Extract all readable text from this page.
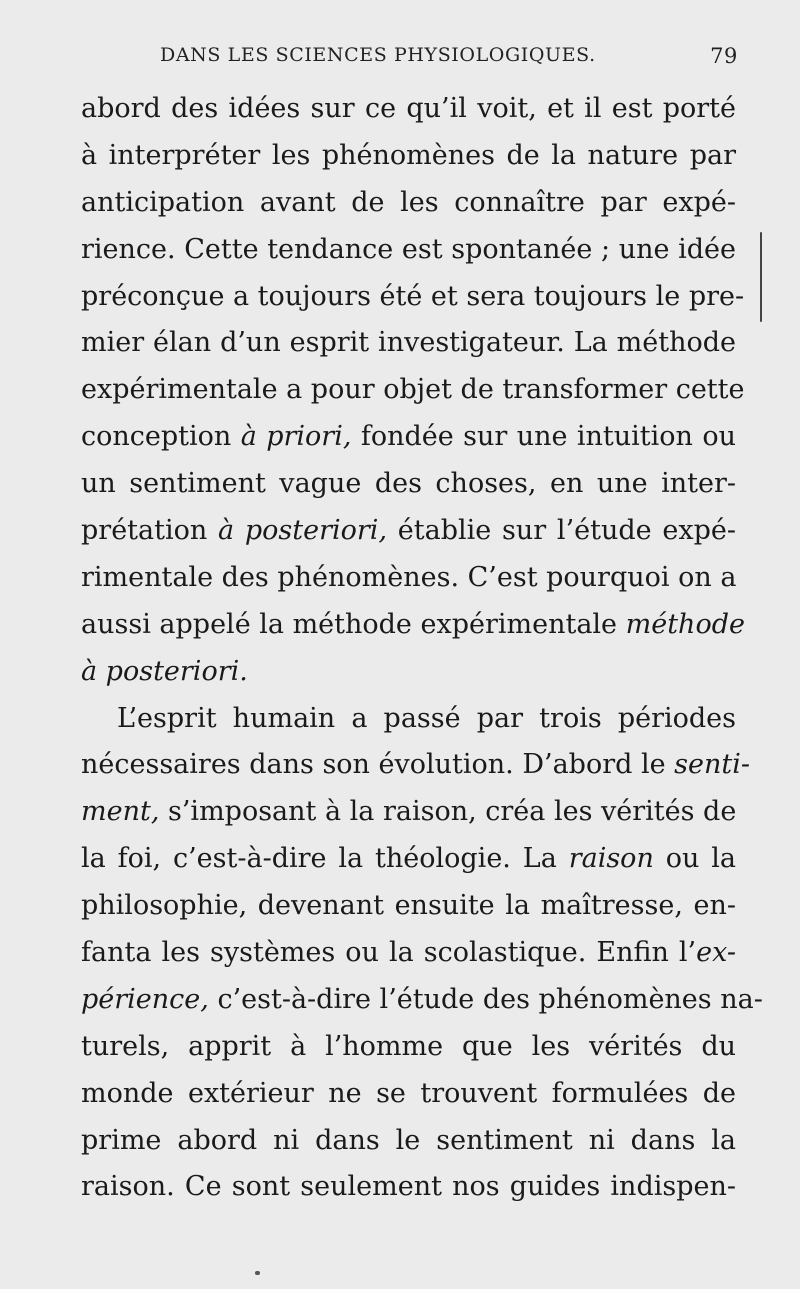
DANS LES SCIENCES PHYSIOLOGIQUES.	79
abord des idées sur ce qu’il voit, et il est porté
à interpréter les phénomènes de la nature par
anticipation avant de les connaître par expé-
rience. Cette tendance est spontanée ; une idée
préconçue a toujours été et sera toujours le pre-
mier élan d’un esprit investigateur. La méthode
expérimentale a pour objet de transformer cette
conception à priori, fondée sur une intuition ou
un sentiment vague des choses, en une inter-
prétation à posteriori, établie sur l’étude expé-
rimentale des phénomènes. C’est pourquoi on a
aussi appelé la méthode expérimentale méthode
à posteriori.
L’esprit humain a passé par trois périodes
nécessaires dans son évolution. D’abord le senti-
ment, s’imposant à la raison, créa les vérités de
la foi, c’est-à-dire la théologie. La raison ou la
philosophie, devenant ensuite la maîtresse, en-
fanta les systèmes ou la scolastique. Enfin l’ex-
périence, c’est-à-dire l’étude des phénomènes na-
turels, apprit à l’homme que les vérités du
monde extérieur ne se trouvent formulées de
prime abord ni dans le sentiment ni dans la
raison. Ce sont seulement nos guides indispen-
